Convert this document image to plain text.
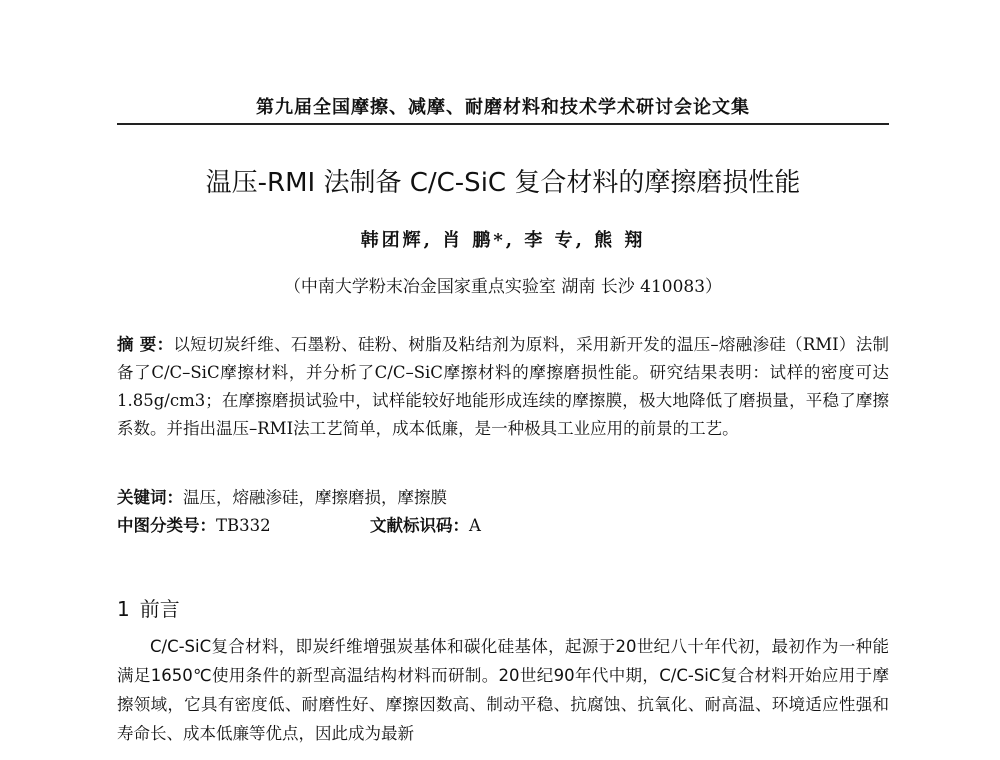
第九届全国摩擦、减摩、耐磨材料和技术学术研讨会论文集
温压-RMI 法制备 C/C-SiC 复合材料的摩擦磨损性能
韩团辉, 肖 鹏*, 李 专, 熊 翔
（中南大学粉末冶金国家重点实验室 湖南 长沙 410083）
摘 要：以短切炭纤维、石墨粉、硅粉、树脂及粘结剂为原料，采用新开发的温压–熔融渗硅（RMI）法制备了C/C–SiC摩擦材料，并分析了C/C–SiC摩擦材料的摩擦磨损性能。研究结果表明：试样的密度可达1.85g/cm3；在摩擦磨损试验中，试样能较好地能形成连续的摩擦膜，极大地降低了磨损量，平稳了摩擦系数。并指出温压–RMI法工艺简单，成本低廉，是一种极具工业应用的前景的工艺。
关键词：温压，熔融渗硅，摩擦磨损，摩擦膜
中图分类号：TB332	文献标识码：A
1 前言
C/C-SiC复合材料，即炭纤维增强炭基体和碳化硅基体，起源于20世纪八十年代初，最初作为一种能满足1650℃使用条件的新型高温结构材料而研制。20世纪90年代中期，C/C-SiC复合材料开始应用于摩擦领域，它具有密度低、耐磨性好、摩擦因数高、制动平稳、抗腐蚀、抗氧化、耐高温、环境适应性强和寿命长、成本低廉等优点，因此成为最新
